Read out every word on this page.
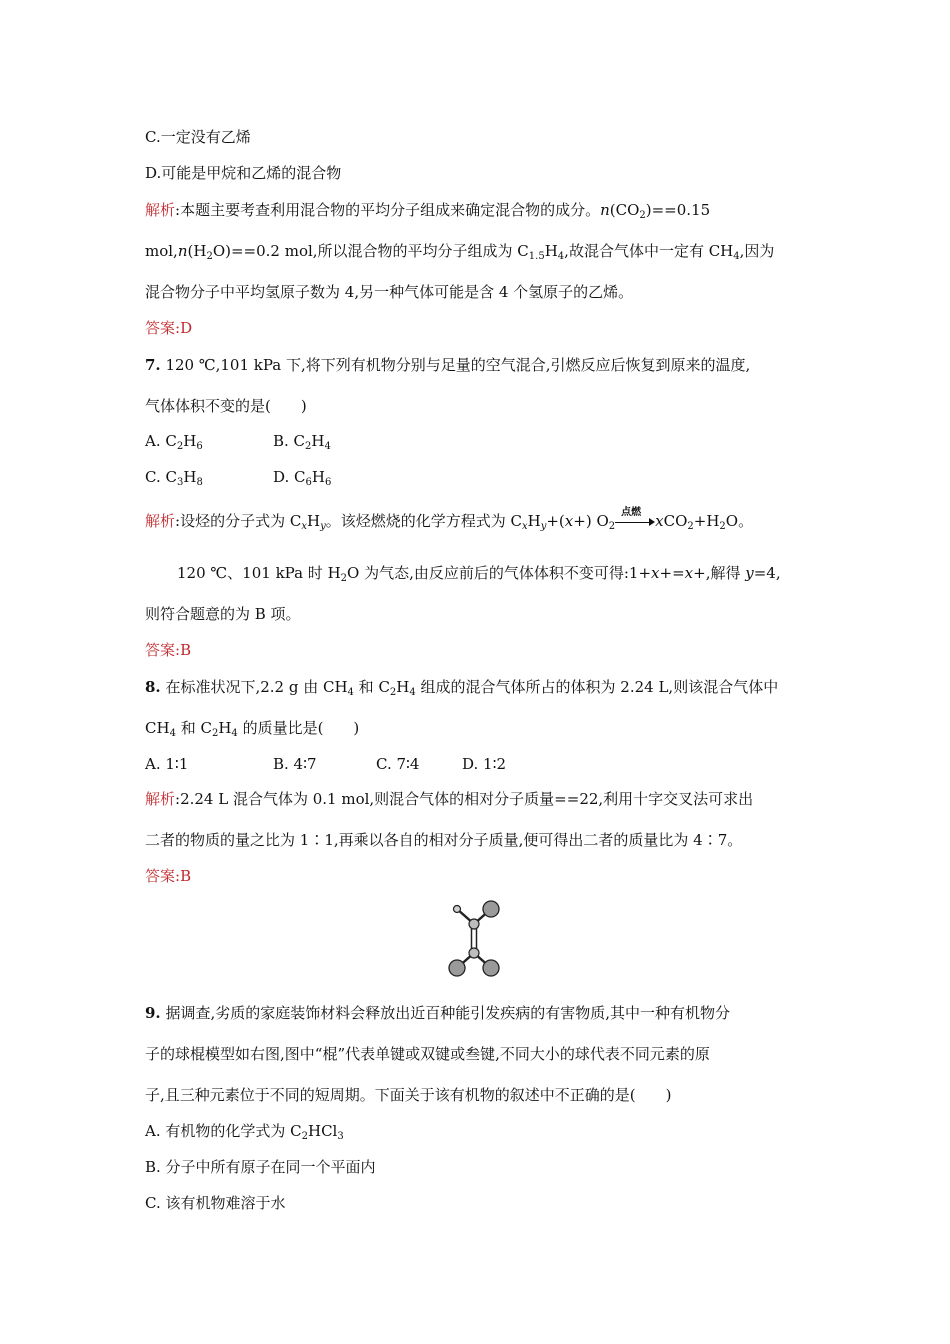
C.一定没有乙烯
D.可能是甲烷和乙烯的混合物
解析:本题主要考查利用混合物的平均分子组成来确定混合物的成分。$n(CO_2)==0.15$
$mol,n(H_2O)==0.2$ mol,所以混合物的平均分子组成为 $C_{1.5}H_4$,故混合气体中一定有 $CH_4$,因为
混合物分子中平均氢原子数为 4,另一种气体可能是含 4 个氢原子的乙烯。
答案:D
7. 120 ℃,101 kPa 下,将下列有机物分别与足量的空气混合,引燃反应后恢复到原来的温度,
气体体积不变的是(　　)
A. $C_2H_6$	B. $C_2H_4$
C. $C_3H_8$	D. $C_6H_6$
解析:设烃的分子式为 $C_xH_y$。该烃燃烧的化学方程式为 $C_xH_y+(x+)$ $O_2$
点燃 $xCO_2+H_2O$。
120 ℃、101 kPa 时 $H_2O$ 为气态,由反应前后的气体体积不变可得:1+x+=x+,解得 y=4,
则符合题意的为 B 项。
答案:B
8. 在标准状况下,2.2 g 由 $CH_4$ 和 $C_2H_4$ 组成的混合气体所占的体积为 2.24 L,则该混合气体中
$CH_4$ 和 $C_2H_4$ 的质量比是(　　)
A. 1∶1	B. 4∶7	C. 7∶4	D. 1∶2
解析:2.24 L 混合气体为 0.1 mol,则混合气体的相对分子质量==22,利用十字交叉法可求出
二者的物质的量之比为 1∶1,再乘以各自的相对分子质量,便可得出二者的质量比为 4∶7。
答案:B
9. 据调查,劣质的家庭装饰材料会释放出近百种能引发疾病的有害物质,其中一种有机物分
子的球棍模型如右图,图中“棍”代表单键或双键或叁键,不同大小的球代表不同元素的原
子,且三种元素位于不同的短周期。下面关于该有机物的叙述中不正确的是(　　)
A. 有机物的化学式为 $C_2HCl_3$
B. 分子中所有原子在同一个平面内
C. 该有机物难溶于水
